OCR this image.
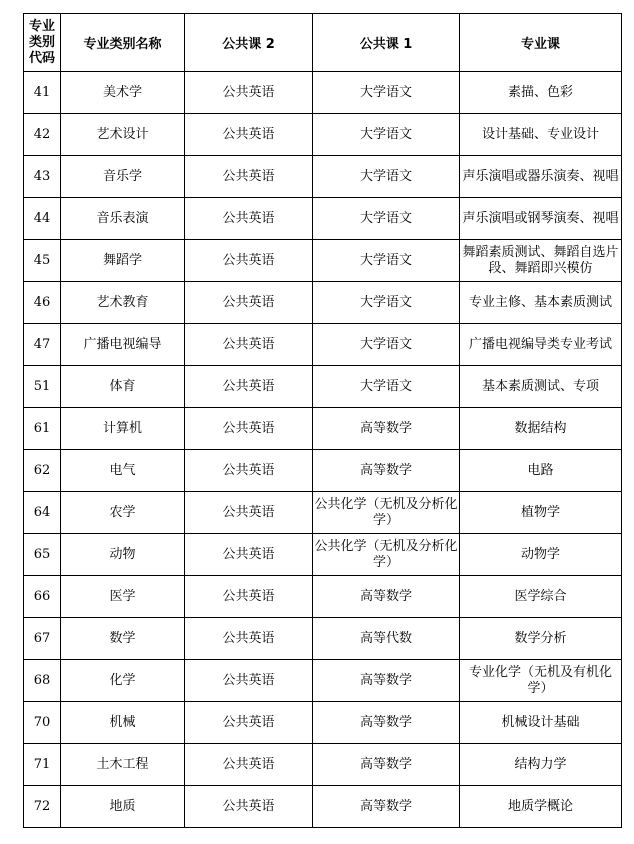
专业类别代码	专业类别名称	公共课 2	公共课 1	专业课
41	美术学	公共英语	大学语文	素描、色彩
42	艺术设计	公共英语	大学语文	设计基础、专业设计
43	音乐学	公共英语	大学语文	声乐演唱或器乐演奏、视唱
44	音乐表演	公共英语	大学语文	声乐演唱或钢琴演奏、视唱
45	舞蹈学	公共英语	大学语文	舞蹈素质测试、舞蹈自选片段、舞蹈即兴模仿
46	艺术教育	公共英语	大学语文	专业主修、基本素质测试
47	广播电视编导	公共英语	大学语文	广播电视编导类专业考试
51	体育	公共英语	大学语文	基本素质测试、专项
61	计算机	公共英语	高等数学	数据结构
62	电气	公共英语	高等数学	电路
64	农学	公共英语	公共化学（无机及分析化学）	植物学
65	动物	公共英语	公共化学（无机及分析化学）	动物学
66	医学	公共英语	高等数学	医学综合
67	数学	公共英语	高等代数	数学分析
68	化学	公共英语	高等数学	专业化学（无机及有机化学）
70	机械	公共英语	高等数学	机械设计基础
71	土木工程	公共英语	高等数学	结构力学
72	地质	公共英语	高等数学	地质学概论
